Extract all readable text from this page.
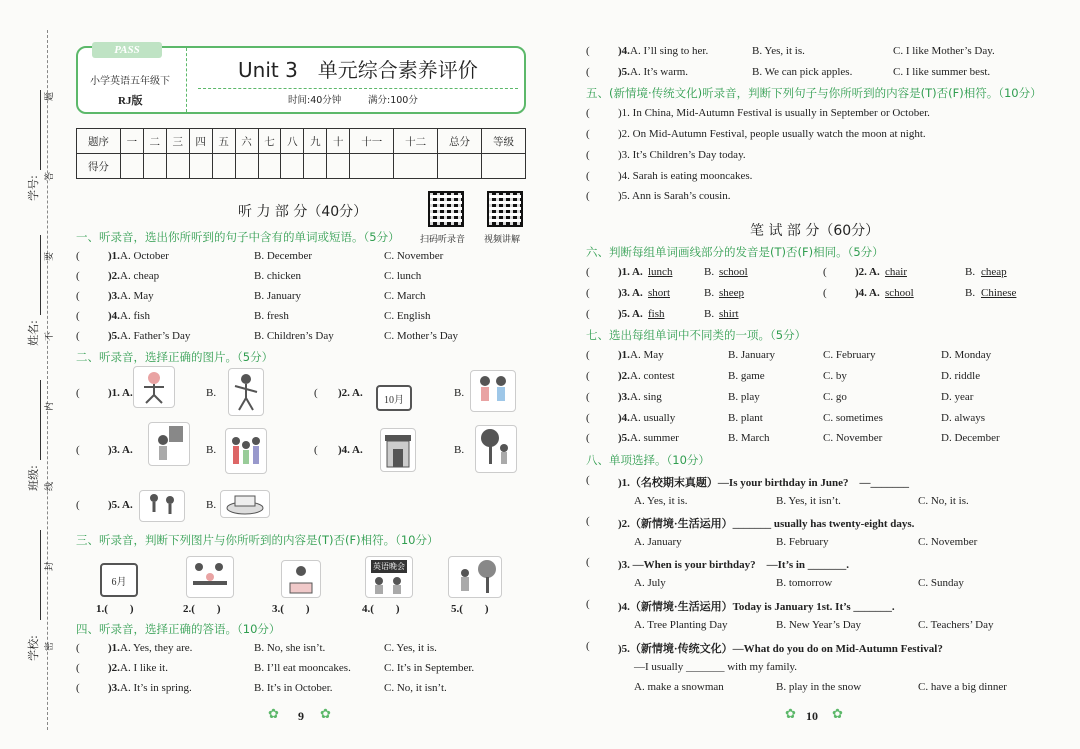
学校:
班级:
姓名:
学号:
题
答
要
不
内
线
封
密
PASS
小学英语五年级下
RJ版
Unit 3　单元综合素养评价
时间:40分钟	满分:100分
题序	一	二	三	四	五	六	七	八	九	十	十一	十二	总分	等级
得分														
听 力 部 分（40分）
扫码听录音 视频讲解
一、听录音，选出你所听到的句子中含有的单词或短语。（5分）
(	)1. A. October	B. December	C. November
(	)2. A. cheap	B. chicken	C. lunch
(	)3. A. May	B. January	C. March
(	)4. A. fish	B. fresh	C. English
(	)5. A. Father’s Day	B. Children’s Day	C. Mother’s Day
二、听录音，选择正确的图片。（5分）
(	)1. A.	B.	( )2. A.	B.
10月
(	)3. A.	B.	( )4. A.	B.
(	)5. A.	B.
三、听录音，判断下列图片与你所听到的内容是(T)否(F)相符。（10分）
6月
英语晚会
1.(　　)	2.(　　)	3.(　　)	4.(　　)	5.(　　)
四、听录音，选择正确的答语。（10分）
(	)1. A. Yes, they are.	B. No, she isn’t.	C. Yes, it is.
(	)2. A. I like it.	B. I’ll eat mooncakes.	C. It’s in September.
(	)3. A. It’s in spring.	B. It’s in October.	C. No, it isn’t.
(	)4. A. I’ll sing to her.	B. Yes, it is.	C. I like Mother’s Day.
(	)5. A. It’s warm.	B. We can pick apples.	C. I like summer best.
✿ 9 ✿
五、(新情境·传统文化)听录音，判断下列句子与你所听到的内容是(T)否(F)相符。（10分）
(	)1. In China, Mid-Autumn Festival is usually in September or October.
(	)2. On Mid-Autumn Festival, people usually watch the moon at night.
(	)3. It’s Children’s Day today.
(	)4. Sarah is eating mooncakes.
(	)5. Ann is Sarah’s cousin.
笔 试 部 分（60分）
六、判断每组单词画线部分的发音是(T)否(F)相同。（5分）
(	)1. A. lunch	B. school	(	)2. A. chair	B. cheap
(	)3. A. short	B. sheep	(	)4. A. school	B. Chinese
(	)5. A. fish	B. shirt
七、选出每组单词中不同类的一项。（5分）
(	)1. A. May	B. January	C. February	D. Monday
(	)2. A. contest	B. game	C. by	D. riddle
(	)3. A. sing	B. play	C. go	D. year
(	)4. A. usually	B. plant	C. sometimes	D. always
(	)5. A. summer	B. March	C. November	D. December
八、单项选择。（10分）
(	)1.（名校期末真题）—Is your birthday in June?　—_______
A. Yes, it is.	B. Yes, it isn’t.	C. No, it is.
(	)2.（新情境·生活运用）_______ usually has twenty-eight days.
A. January	B. February	C. November
(	)3. —When is your birthday?　—It’s in _______.
A. July	B. tomorrow	C. Sunday
(	)4.（新情境·生活运用）Today is January 1st. It’s _______.
A. Tree Planting Day	B. New Year’s Day	C. Teachers’ Day
(	)5.（新情境·传统文化）—What do you do on Mid-Autumn Festival?
—I usually _______ with my family.
A. make a snowman	B. play in the snow	C. have a big dinner
✿ 10 ✿
